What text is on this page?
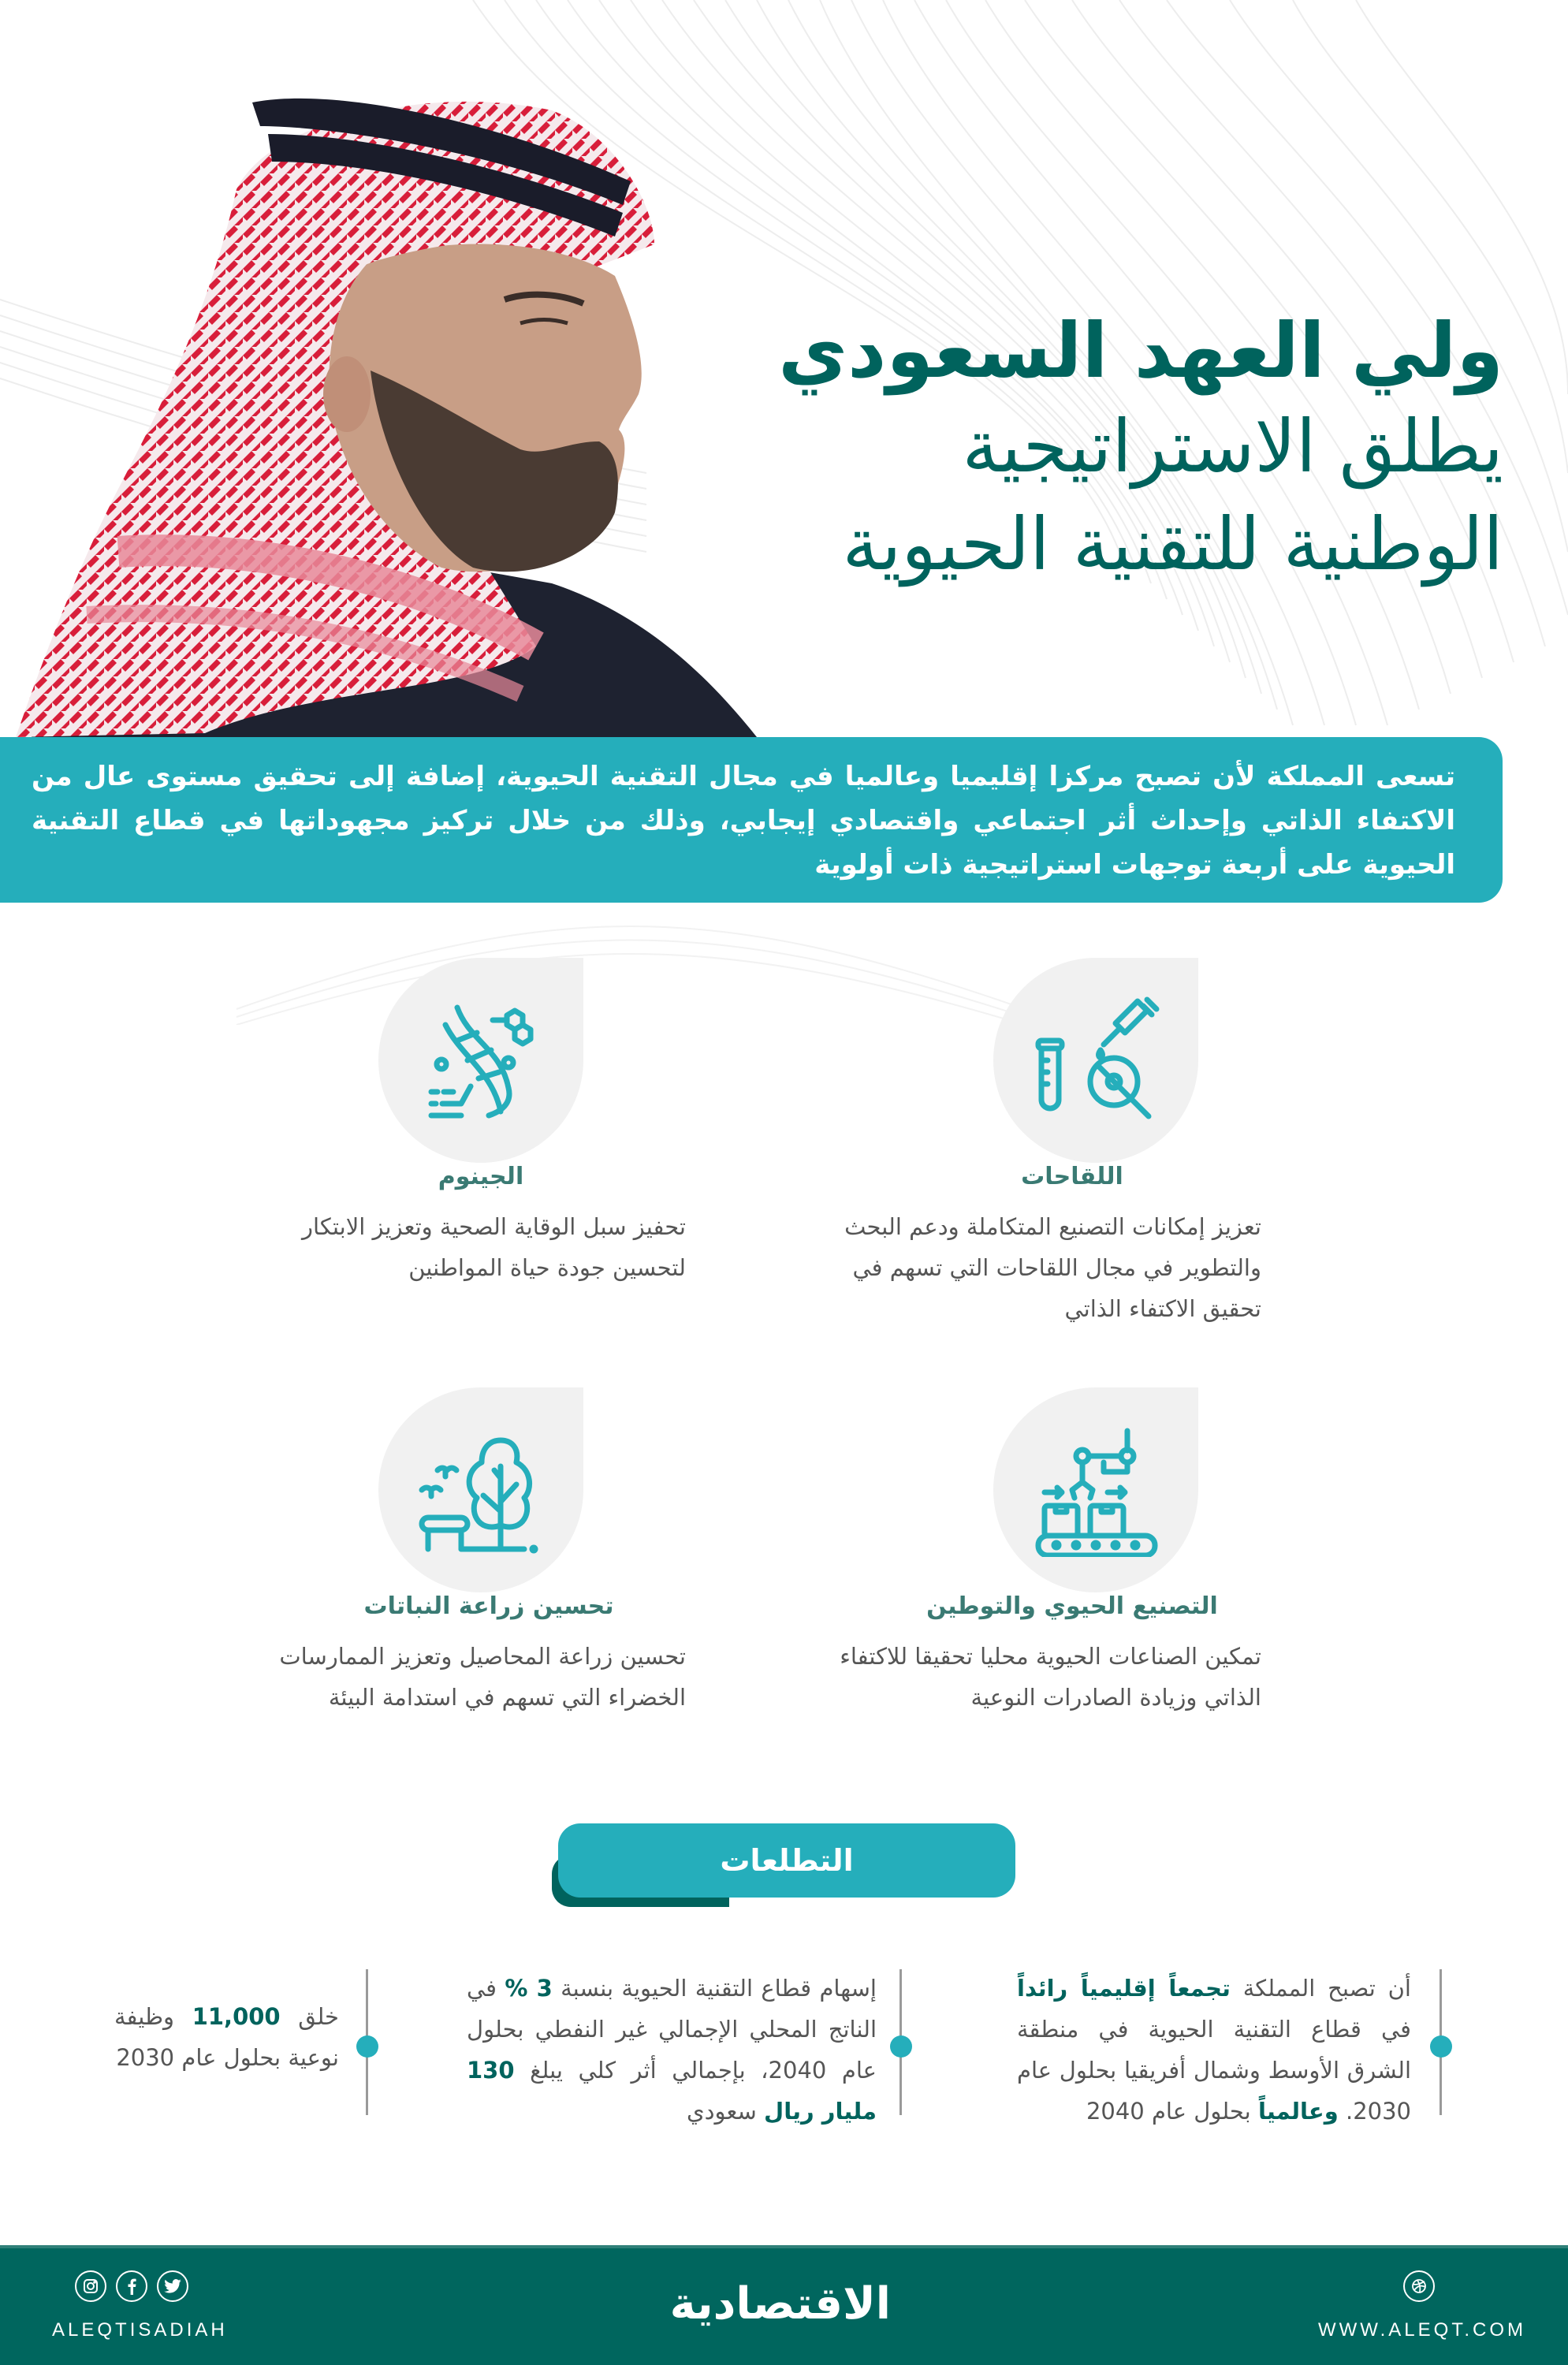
ولي العهد السعودي
يطلق الاستراتيجية
الوطنية للتقنية الحيوية

تسعى المملكة لأن تصبح مركزا إقليميا وعالميا في مجال التقنية الحيوية، إضافة إلى تحقيق مستوى عال من الاكتفاء الذاتي وإحداث أثر اجتماعي واقتصادي إيجابي، وذلك من خلال تركيز مجهوداتها في قطاع التقنية الحيوية على أربعة توجهات استراتيجية ذات أولوية

اللقاحات
تعزيز إمكانات التصنيع المتكاملة ودعم البحث والتطوير في مجال اللقاحات التي تسهم في تحقيق الاكتفاء الذاتي
الجينوم
تحفيز سبل الوقاية الصحية وتعزيز الابتكار لتحسين جودة حياة المواطنين
التصنيع الحيوي والتوطين
تمكين الصناعات الحيوية محليا تحقيقا للاكتفاء الذاتي وزيادة الصادرات النوعية
تحسين زراعة النباتات
تحسين زراعة المحاصيل وتعزيز الممارسات الخضراء التي تسهم في استدامة البيئة
التطلعات
أن تصبح المملكة تجمعاً إقليمياً رائداً في قطاع التقنية الحيوية في منطقة الشرق الأوسط وشمال أفريقيا بحلول عام 2030. وعالمياً بحلول عام 2040
إسهام قطاع التقنية الحيوية بنسبة 3 % في الناتج المحلي الإجمالي غير النفطي بحلول عام 2040، بإجمالي أثر كلي يبلغ 130 مليار ريال سعودي
خلق 11,000 وظيفة نوعية بحلول عام 2030
ALEQTISADIAH
الاقتصادية
WWW.ALEQT.COM
